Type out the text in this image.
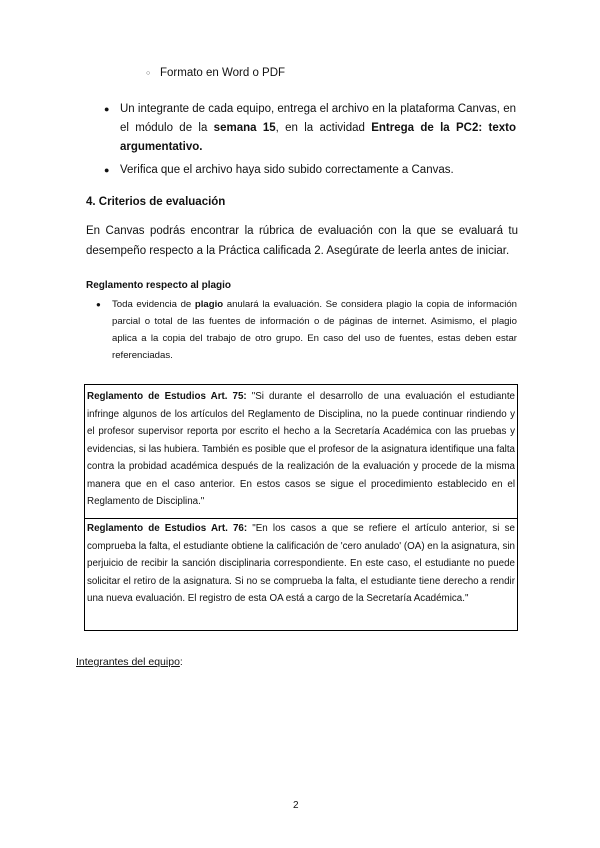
○ Formato en Word o PDF
● Un integrante de cada equipo, entrega el archivo en la plataforma Canvas, en el módulo de la semana 15, en la actividad Entrega de la PC2: texto argumentativo.
● Verifica que el archivo haya sido subido correctamente a Canvas.
4. Criterios de evaluación
En Canvas podrás encontrar la rúbrica de evaluación con la que se evaluará tu desempeño respecto a la Práctica calificada 2. Asegúrate de leerla antes de iniciar.
Reglamento respecto al plagio
●	Toda evidencia de plagio anulará la evaluación. Se considera plagio la copia de información parcial o total de las fuentes de información o de páginas de internet. Asimismo, el plagio aplica a la copia del trabajo de otro grupo. En caso del uso de fuentes, estas deben estar referenciadas.
Reglamento de Estudios Art. 75: "Si durante el desarrollo de una evaluación el estudiante infringe algunos de los artículos del Reglamento de Disciplina, no la puede continuar rindiendo y el profesor supervisor reporta por escrito el hecho a la Secretaría Académica con las pruebas y evidencias, si las hubiera. También es posible que el profesor de la asignatura identifique una falta contra la probidad académica después de la realización de la evaluación y procede de la misma manera que en el caso anterior. En estos casos se sigue el procedimiento establecido en el Reglamento de Disciplina."
Reglamento de Estudios Art. 76: "En los casos a que se refiere el artículo anterior, si se comprueba la falta, el estudiante obtiene la calificación de 'cero anulado' (OA) en la asignatura, sin perjuicio de recibir la sanción disciplinaria correspondiente. En este caso, el estudiante no puede solicitar el retiro de la asignatura. Si no se comprueba la falta, el estudiante tiene derecho a rendir una nueva evaluación. El registro de esta OA está a cargo de la Secretaría Académica."
Integrantes del equipo:
2
